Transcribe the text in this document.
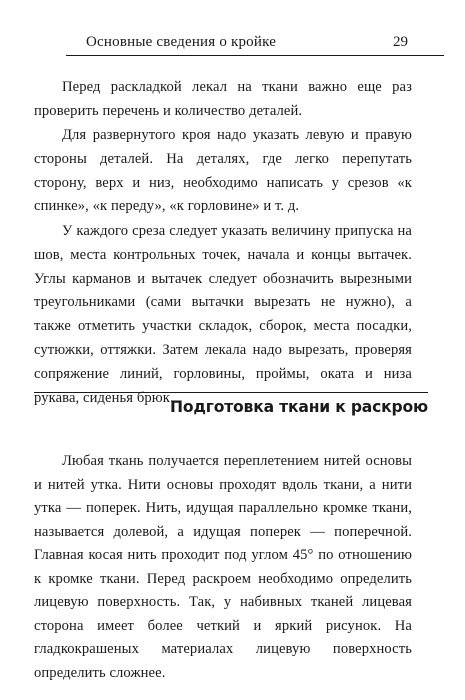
Основные сведения о кройке	29

Перед раскладкой лекал на ткани важно еще раз проверить перечень и количество деталей.

Для развернутого кроя надо указать левую и правую стороны деталей. На деталях, где легко перепутать сторону, верх и низ, необходимо написать у срезов «к спинке», «к переду», «к горловине» и т. д.

У каждого среза следует указать величину припуска на шов, места контрольных точек, начала и концы вытачек. Углы карманов и вытачек следует обозначить вырезными треугольниками (сами вытачки вырезать не нужно), а также отметить участки складок, сборок, места посадки, сутюжки, оттяжки. Затем лекала надо вырезать, проверяя сопряжение линий, горловины, проймы, оката и низа рукава, сиденья брюк.

Подготовка ткани к раскрою

Любая ткань получается переплетением нитей основы и нитей утка. Нити основы проходят вдоль ткани, а нити утка — поперек. Нить, идущая параллельно кромке ткани, называется долевой, а идущая поперек — поперечной. Главная косая нить проходит под углом 45° по отношению к кромке ткани. Перед раскроем необходимо определить лицевую поверхность. Так, у набивных тканей лицевая сторона имеет более четкий и яркий рисунок. На гладкокрашеных материалах лицевую поверхность определить сложнее.
